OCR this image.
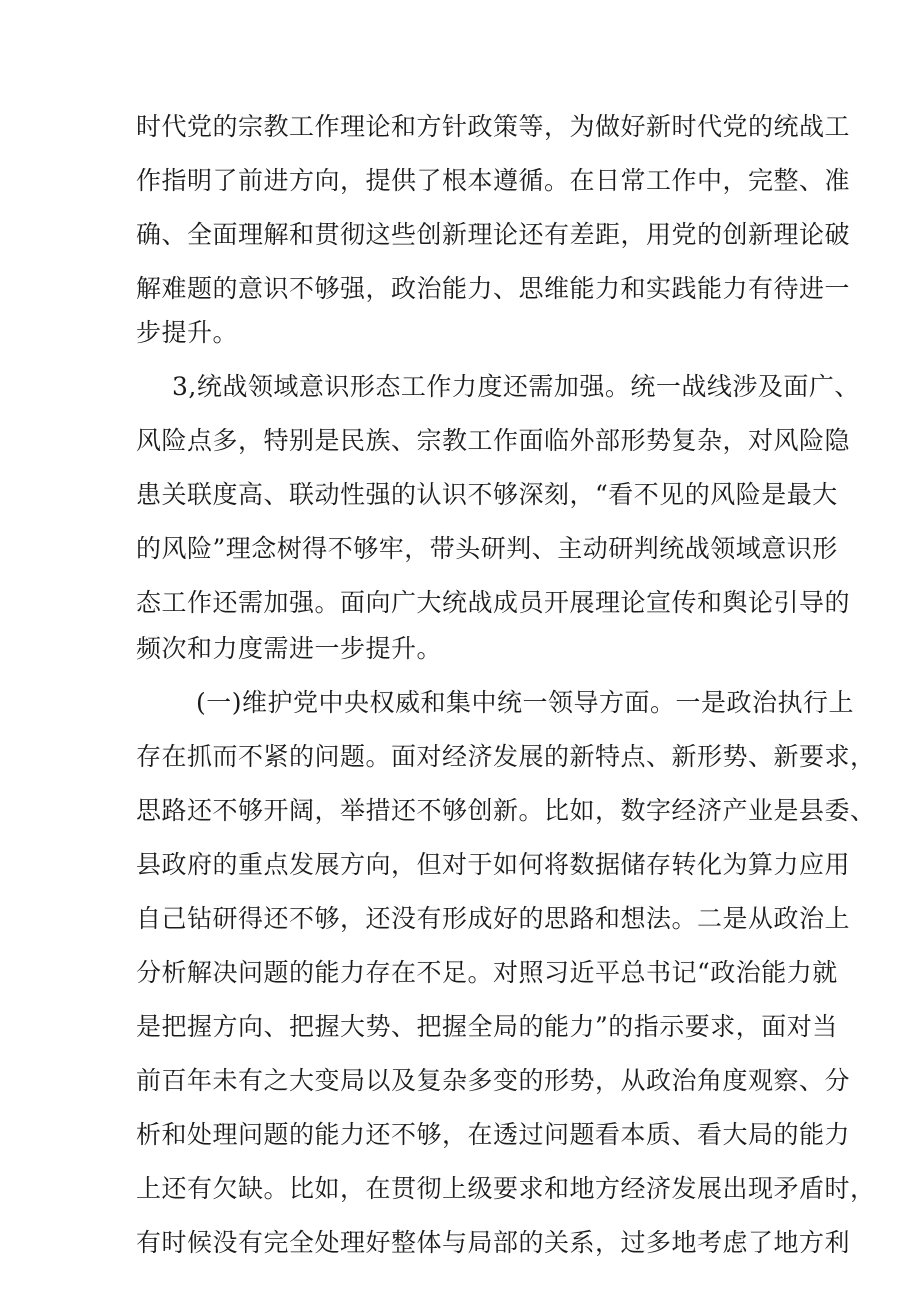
时代党的宗教工作理论和方针政策等，为做好新时代党的统战工
作指明了前进方向，提供了根本遵循。在日常工作中，完整、准
确、全面理解和贯彻这些创新理论还有差距，用党的创新理论破
解难题的意识不够强，政治能力、思维能力和实践能力有待进一
步提升。
3,统战领域意识形态工作力度还需加强。统一战线涉及面广、
风险点多，特别是民族、宗教工作面临外部形势复杂，对风险隐
患关联度高、联动性强的认识不够深刻，“看不见的风险是最大
的风险”理念树得不够牢，带头研判、主动研判统战领域意识形
态工作还需加强。面向广大统战成员开展理论宣传和舆论引导的
频次和力度需进一步提升。
(一)维护党中央权威和集中统一领导方面。一是政治执行上
存在抓而不紧的问题。面对经济发展的新特点、新形势、新要求，
思路还不够开阔，举措还不够创新。比如，数字经济产业是县委、
县政府的重点发展方向，但对于如何将数据储存转化为算力应用
自己钻研得还不够，还没有形成好的思路和想法。二是从政治上
分析解决问题的能力存在不足。对照习近平总书记“政治能力就
是把握方向、把握大势、把握全局的能力”的指示要求，面对当
前百年未有之大变局以及复杂多变的形势，从政治角度观察、分
析和处理问题的能力还不够，在透过问题看本质、看大局的能力
上还有欠缺。比如，在贯彻上级要求和地方经济发展出现矛盾时，
有时候没有完全处理好整体与局部的关系，过多地考虑了地方利
